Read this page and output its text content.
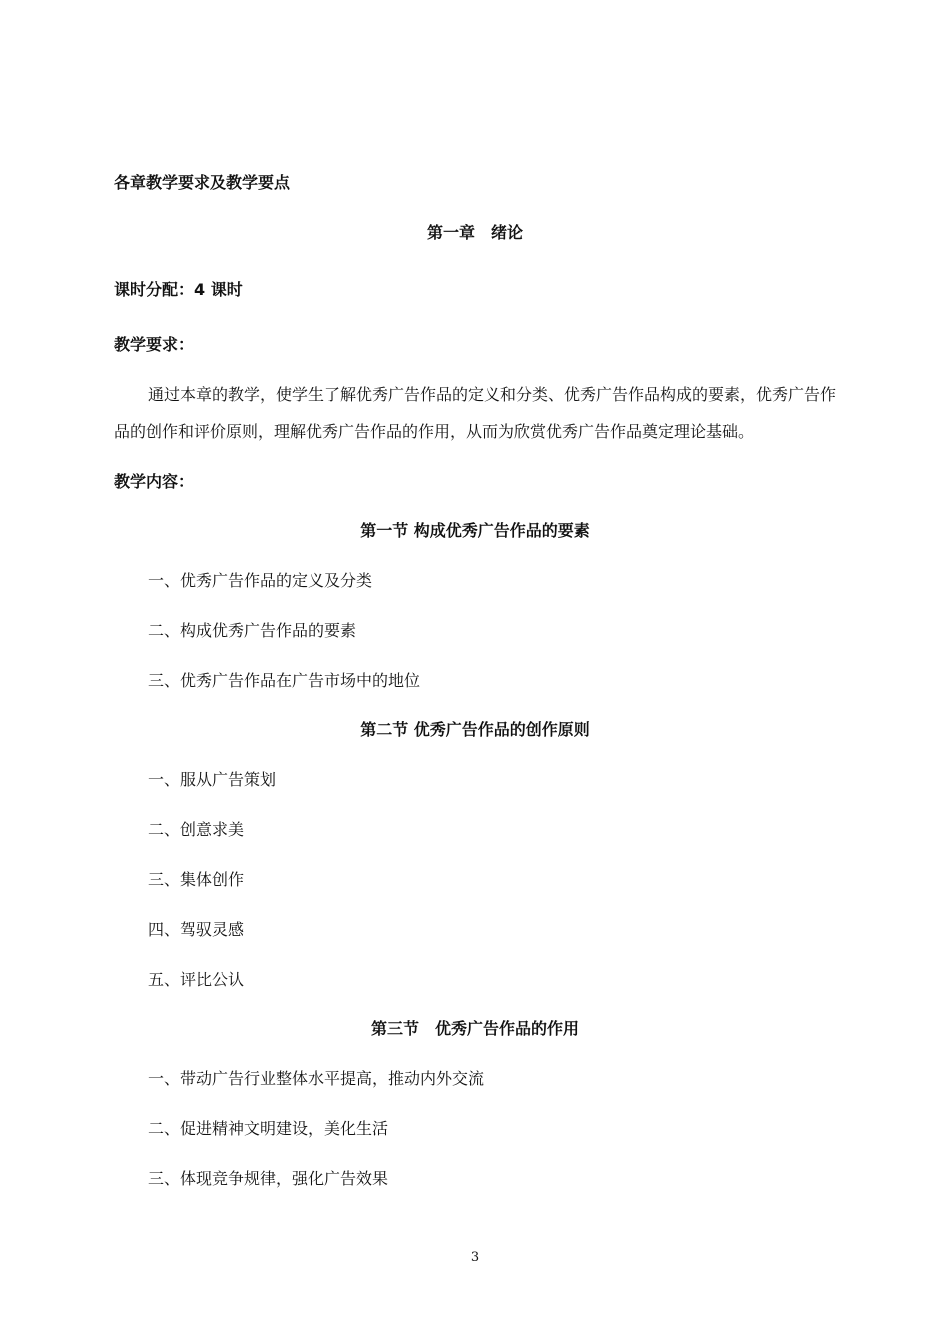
各章教学要求及教学要点
第一章　绪论
课时分配：4 课时
教学要求：
通过本章的教学，使学生了解优秀广告作品的定义和分类、优秀广告作品构成的要素，优秀广告作品的创作和评价原则，理解优秀广告作品的作用，从而为欣赏优秀广告作品奠定理论基础。
教学内容：
第一节 构成优秀广告作品的要素
一、优秀广告作品的定义及分类
二、构成优秀广告作品的要素
三、优秀广告作品在广告市场中的地位
第二节 优秀广告作品的创作原则
一、服从广告策划
二、创意求美
三、集体创作
四、驾驭灵感
五、评比公认
第三节　优秀广告作品的作用
一、带动广告行业整体水平提高，推动内外交流
二、促进精神文明建设，美化生活
三、体现竞争规律，强化广告效果
3
